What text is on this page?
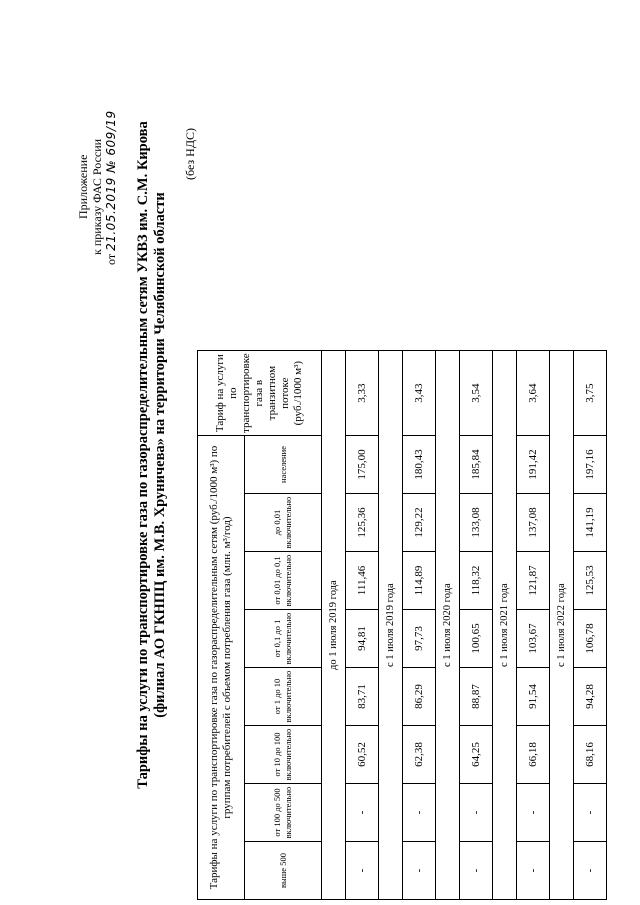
Приложение к приказу ФАС России
от 21.05.2019 № 609/19 Тарифы на услуги по транспортировке газа по газораспределительным сетям УКВЗ им. С.М. Кирова (филиал АО ГКНПЦ им. М.В. Хруничева» на территории Челябинской области
(без НДС)
Тарифы на услуги по транспортировке газа по газораспределительным сетям (руб./1000 м³) по группам потребителей с объемом потребления газа (млн. м³/год)								Тариф на услуги по транспортировке газа в транзитном потоке (руб./1000 м³)
выше 500	от 100 до 500 включительно	от 10 до 100 включительно	от 1 до 10 включительно	от 0,1 до 1 включительно	от 0,01 до 0,1 включительно	до 0,01 включительно	население	
до 1 июля 2019 года								
-	-	60,52	83,71	94,81	111,46	125,36	175,00	3,33
с 1 июля 2019 года								
-	-	62,38	86,29	97,73	114,89	129,22	180,43	3,43
с 1 июля 2020 года								
-	-	64,25	88,87	100,65	118,32	133,08	185,84	3,54
с 1 июля 2021 года								
-	-	66,18	91,54	103,67	121,87	137,08	191,42	3,64
с 1 июля 2022 года								
-	-	68,16	94,28	106,78	125,53	141,19	197,16	3,75
